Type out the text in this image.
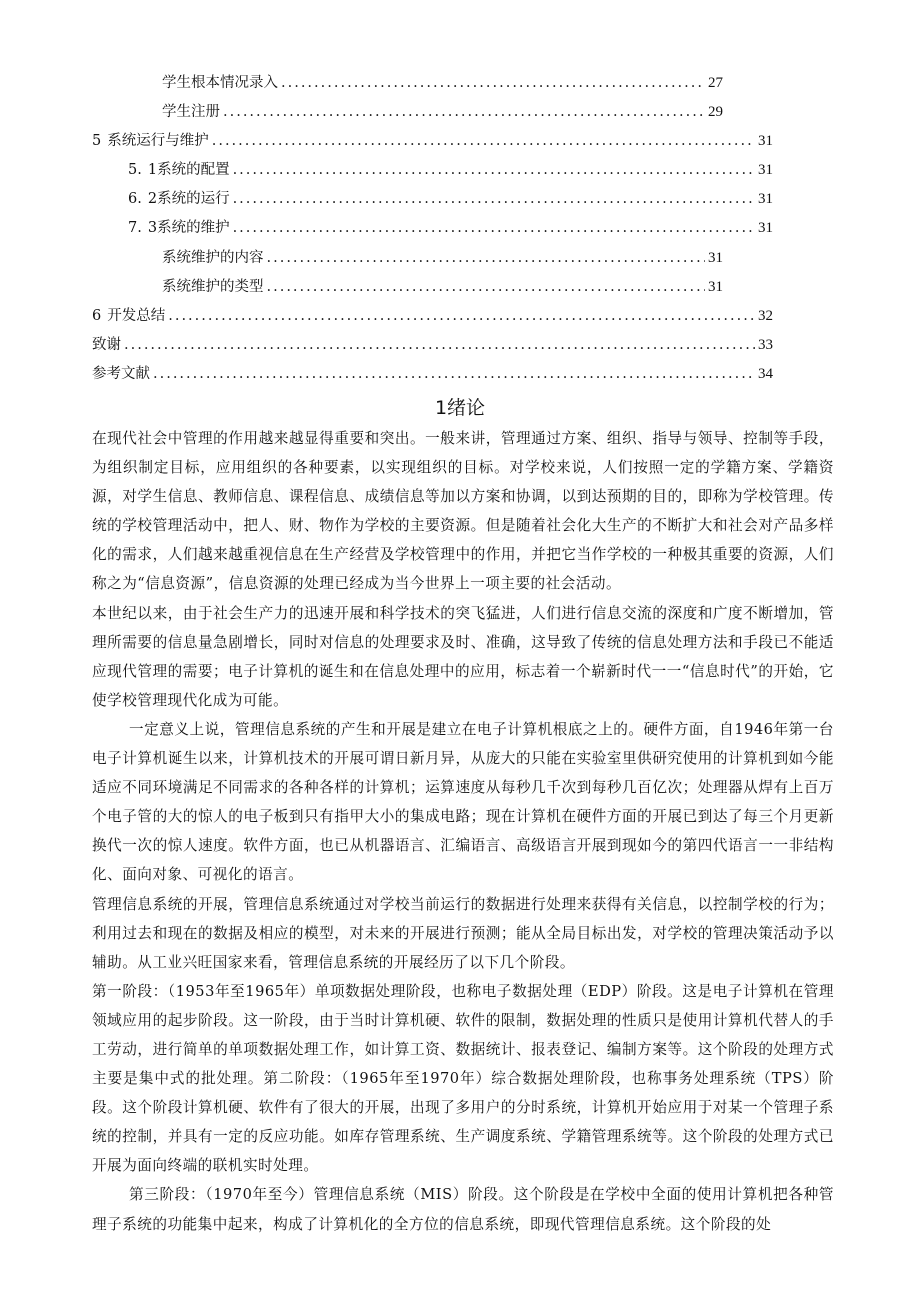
学生根本情况录入 .....	27
学生注册 .....	29
5 系统运行与维护 .....	31
5. 1系统的配置 .....	31
6. 2系统的运行 .....	31
7. 3系统的维护 .....	31
系统维护的内容 .....	31
系统维护的类型 .....	31
6 开发总结 .....	32
致谢 .....	33
参考文献 .....	34
1绪论

在现代社会中管理的作用越来越显得重要和突出。一般来讲，管理通过方案、组织、指导与领导、控制等手段，为组织制定目标，应用组织的各种要素，以实现组织的目标。对学校来说，人们按照一定的学籍方案、学籍资源，对学生信息、教师信息、课程信息、成绩信息等加以方案和协调，以到达预期的目的，即称为学校管理。传统的学校管理活动中，把人、财、物作为学校的主要资源。但是随着社会化大生产的不断扩大和社会对产品多样化的需求，人们越来越重视信息在生产经营及学校管理中的作用，并把它当作学校的一种极其重要的资源，人们称之为“信息资源”，信息资源的处理已经成为当今世界上一项主要的社会活动。

本世纪以来，由于社会生产力的迅速开展和科学技术的突飞猛进，人们进行信息交流的深度和广度不断增加，管理所需要的信息量急剧增长，同时对信息的处理要求及时、准确，这导致了传统的信息处理方法和手段已不能适应现代管理的需要；电子计算机的诞生和在信息处理中的应用，标志着一个崭新时代一一“信息时代”的开始，它使学校管理现代化成为可能。

一定意义上说，管理信息系统的产生和开展是建立在电子计算机根底之上的。硬件方面，自1946年第一台电子计算机诞生以来，计算机技术的开展可谓日新月异，从庞大的只能在实验室里供研究使用的计算机到如今能适应不同环境满足不同需求的各种各样的计算机；运算速度从每秒几千次到每秒几百亿次；处理器从焊有上百万个电子管的大的惊人的电子板到只有指甲大小的集成电路；现在计算机在硬件方面的开展已到达了每三个月更新换代一次的惊人速度。软件方面，也已从机器语言、汇编语言、高级语言开展到现如今的第四代语言一一非结构化、面向对象、可视化的语言。

管理信息系统的开展，管理信息系统通过对学校当前运行的数据进行处理来获得有关信息，以控制学校的行为；利用过去和现在的数据及相应的模型，对未来的开展进行预测；能从全局目标出发，对学校的管理决策活动予以辅助。从工业兴旺国家来看，管理信息系统的开展经历了以下几个阶段。

第一阶段：（1953年至1965年）单项数据处理阶段，也称电子数据处理（EDP）阶段。这是电子计算机在管理领域应用的起步阶段。这一阶段，由于当时计算机硬、软件的限制，数据处理的性质只是使用计算机代替人的手工劳动，进行简单的单项数据处理工作，如计算工资、数据统计、报表登记、编制方案等。这个阶段的处理方式主要是集中式的批处理。第二阶段：（1965年至1970年）综合数据处理阶段，也称事务处理系统（TPS）阶段。这个阶段计算机硬、软件有了很大的开展，出现了多用户的分时系统，计算机开始应用于对某一个管理子系统的控制，并具有一定的反应功能。如库存管理系统、生产调度系统、学籍管理系统等。这个阶段的处理方式已开展为面向终端的联机实时处理。

第三阶段：（1970年至今）管理信息系统（MIS）阶段。这个阶段是在学校中全面的使用计算机把各种管理子系统的功能集中起来，构成了计算机化的全方位的信息系统，即现代管理信息系统。这个阶段的处
